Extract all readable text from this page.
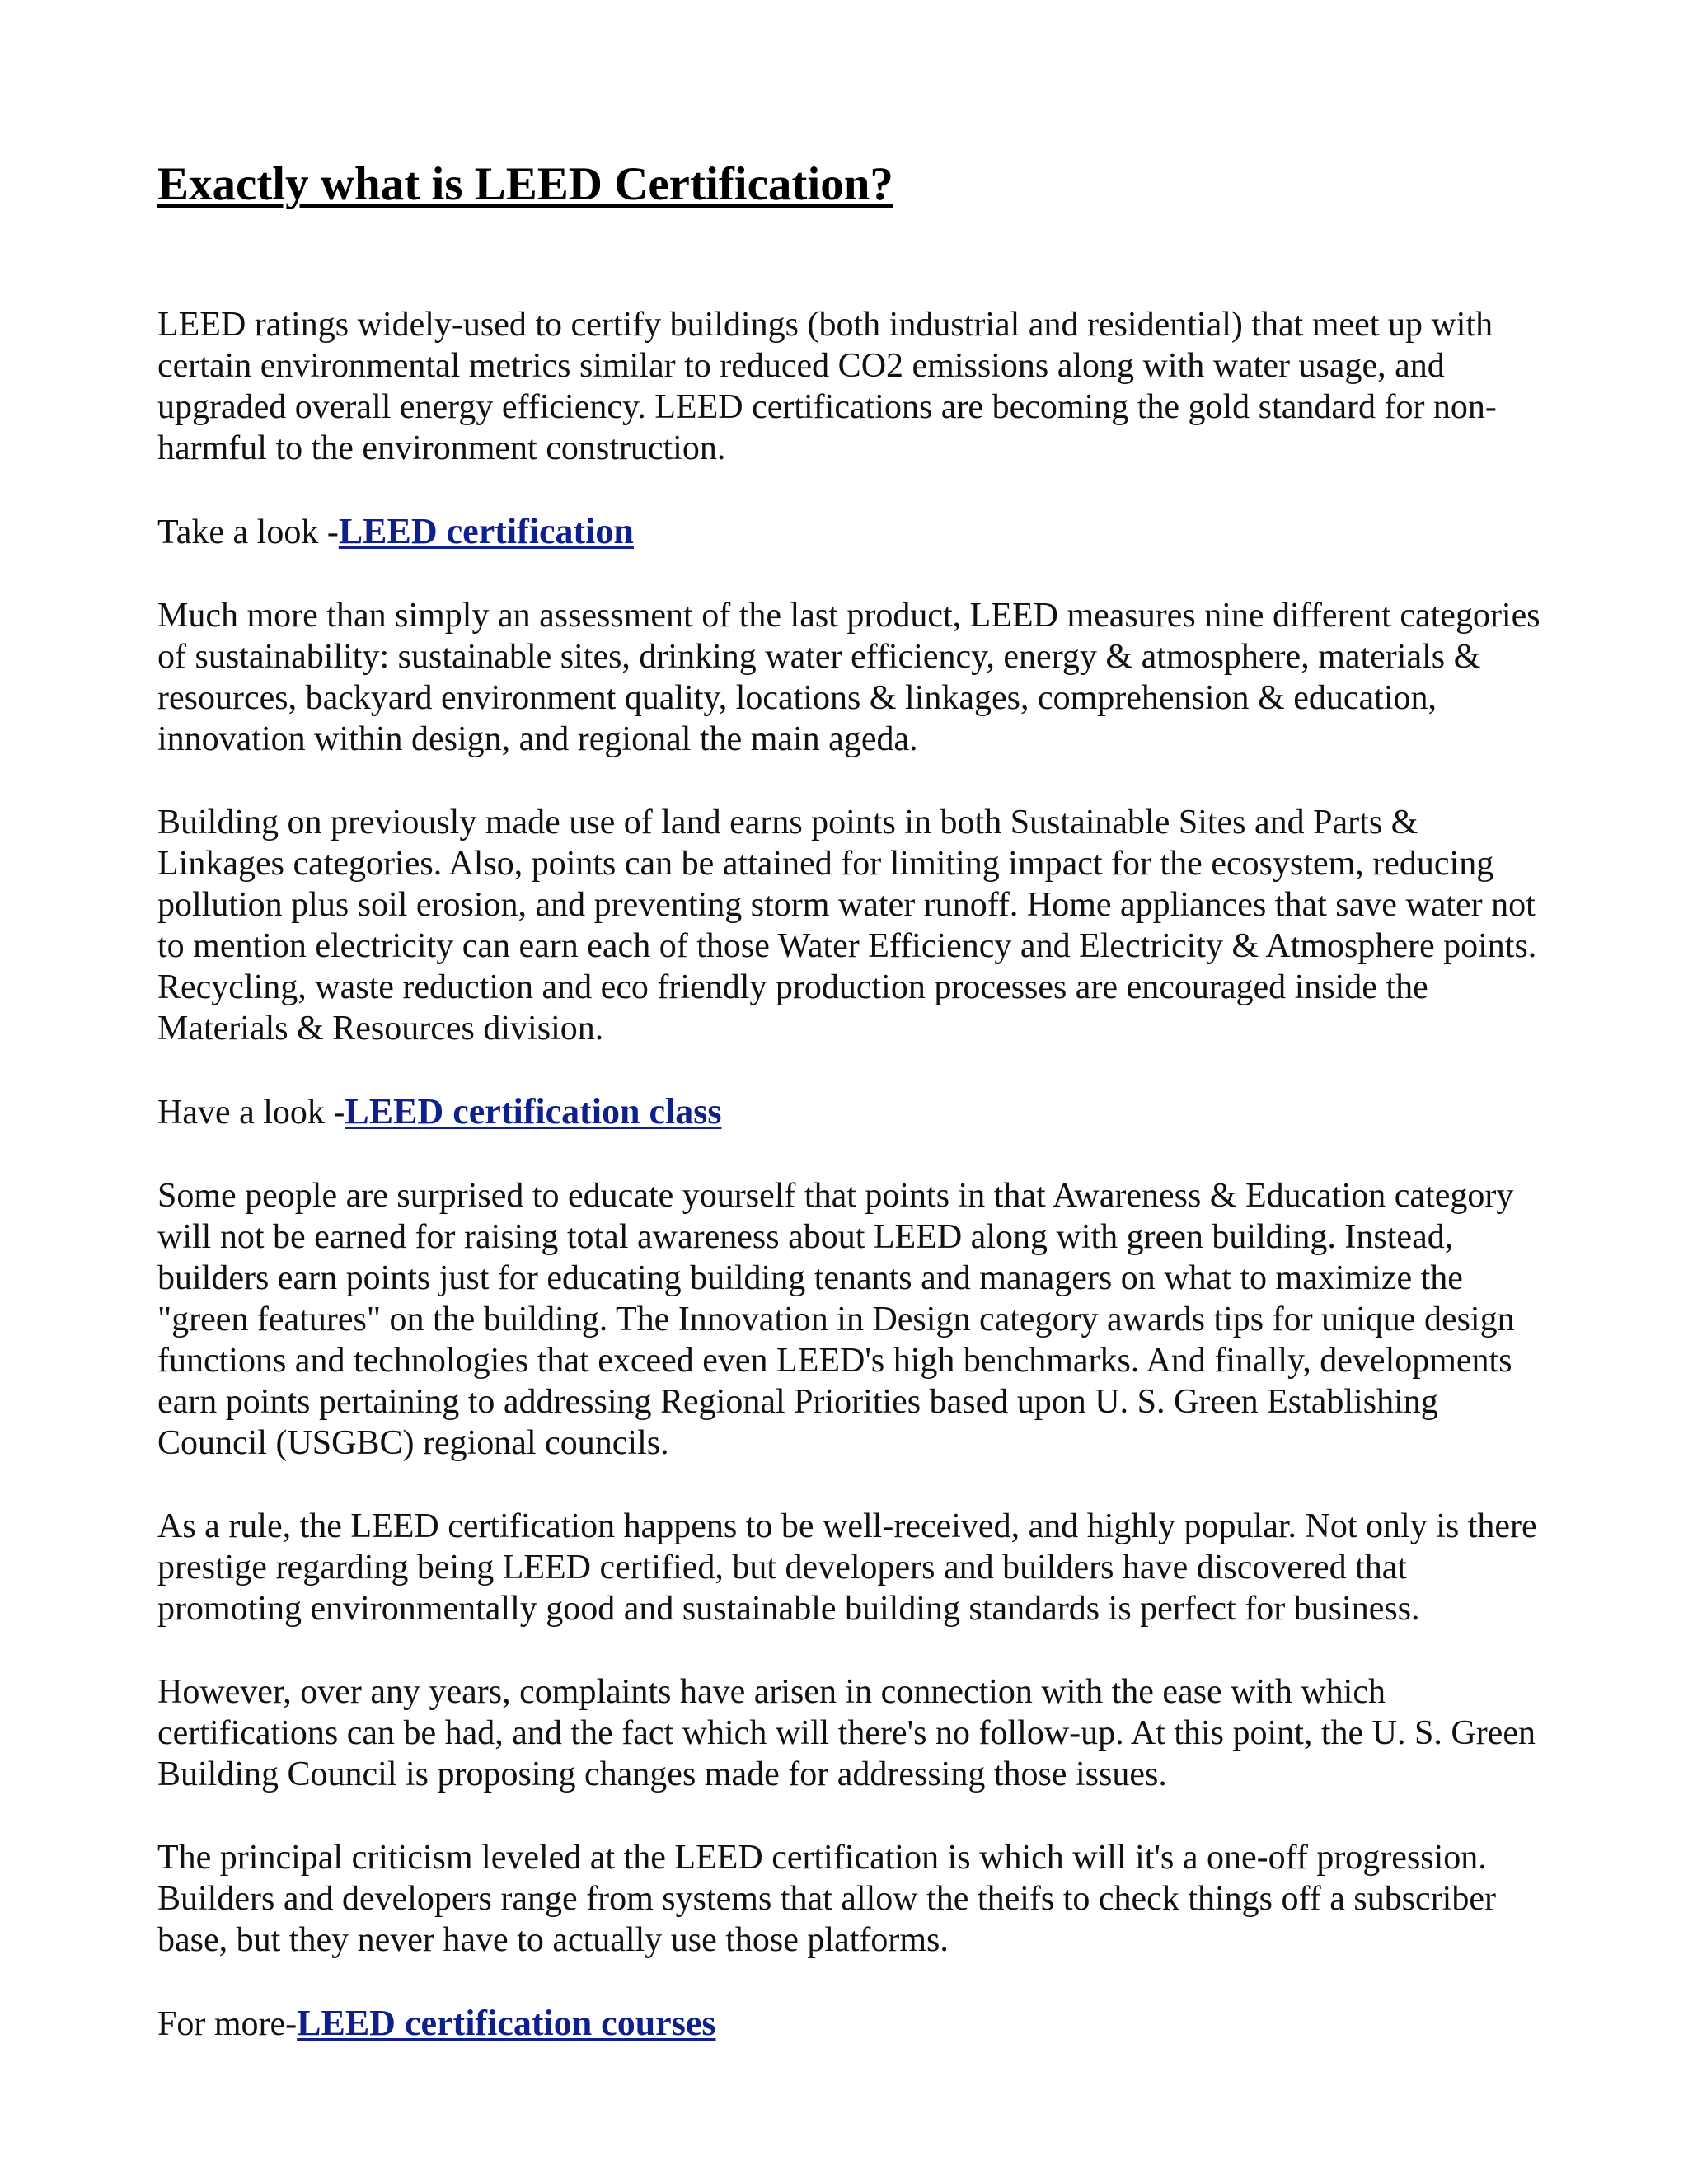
Exactly what is LEED Certification?

LEED ratings widely-used to certify buildings (both industrial and residential) that meet up with certain environmental metrics similar to reduced CO2 emissions along with water usage, and upgraded overall energy efficiency. LEED certifications are becoming the gold standard for non-harmful to the environment construction.

Take a look -LEED certification

Much more than simply an assessment of the last product, LEED measures nine different categories of sustainability: sustainable sites, drinking water efficiency, energy & atmosphere, materials & resources, backyard environment quality, locations & linkages, comprehension & education, innovation within design, and regional the main ageda.

Building on previously made use of land earns points in both Sustainable Sites and Parts & Linkages categories. Also, points can be attained for limiting impact for the ecosystem, reducing pollution plus soil erosion, and preventing storm water runoff. Home appliances that save water not to mention electricity can earn each of those Water Efficiency and Electricity & Atmosphere points. Recycling, waste reduction and eco friendly production processes are encouraged inside the Materials & Resources division.

Have a look -LEED certification class

Some people are surprised to educate yourself that points in that Awareness & Education category will not be earned for raising total awareness about LEED along with green building. Instead, builders earn points just for educating building tenants and managers on what to maximize the "green features" on the building. The Innovation in Design category awards tips for unique design functions and technologies that exceed even LEED's high benchmarks. And finally, developments earn points pertaining to addressing Regional Priorities based upon U. S. Green Establishing Council (USGBC) regional councils.

As a rule, the LEED certification happens to be well-received, and highly popular. Not only is there prestige regarding being LEED certified, but developers and builders have discovered that promoting environmentally good and sustainable building standards is perfect for business.

However, over any years, complaints have arisen in connection with the ease with which certifications can be had, and the fact which will there's no follow-up. At this point, the U. S. Green Building Council is proposing changes made for addressing those issues.

The principal criticism leveled at the LEED certification is which will it's a one-off progression. Builders and developers range from systems that allow the theifs to check things off a subscriber base, but they never have to actually use those platforms.

For more-LEED certification courses
